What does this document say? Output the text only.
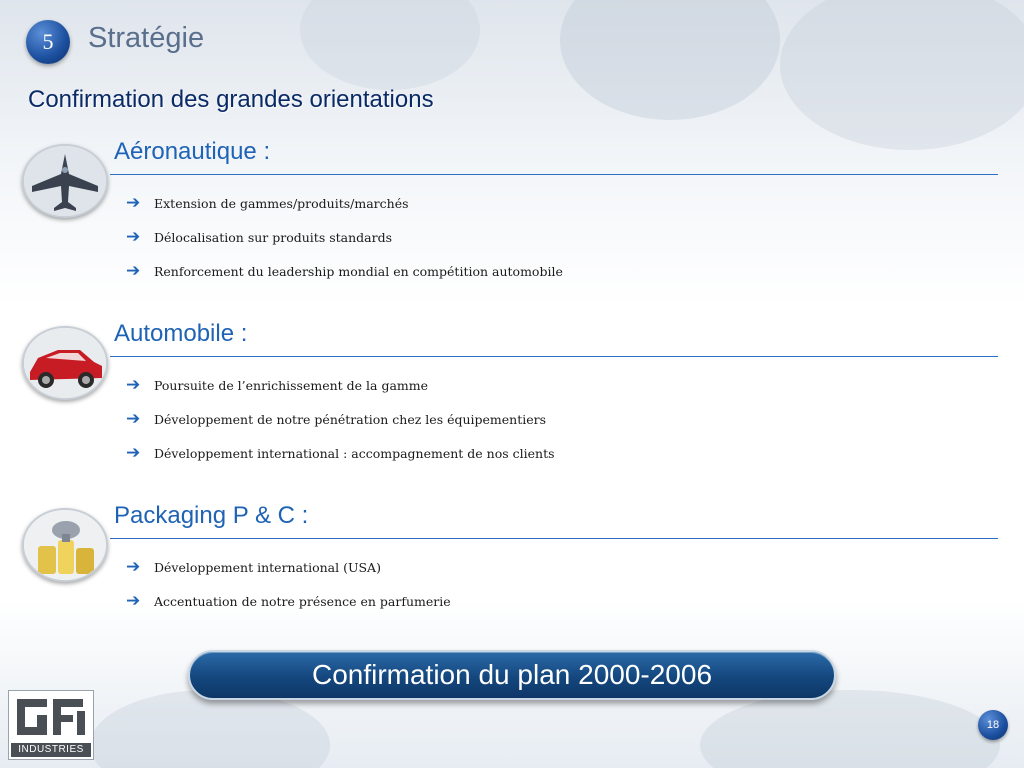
5	Stratégie
Confirmation des grandes orientations
Aéronautique :
➔	Extension de gammes/produits/marchés
➔	Délocalisation sur produits standards
➔	Renforcement du leadership mondial en compétition automobile
Automobile :
➔	Poursuite de l’enrichissement de la gamme
➔	Développement de notre pénétration chez les équipementiers
➔	Développement international : accompagnement de nos clients
Packaging P & C :
➔	Développement international (USA)
➔	Accentuation de notre présence en parfumerie
Confirmation du plan 2000-2006
INDUSTRIES
18
